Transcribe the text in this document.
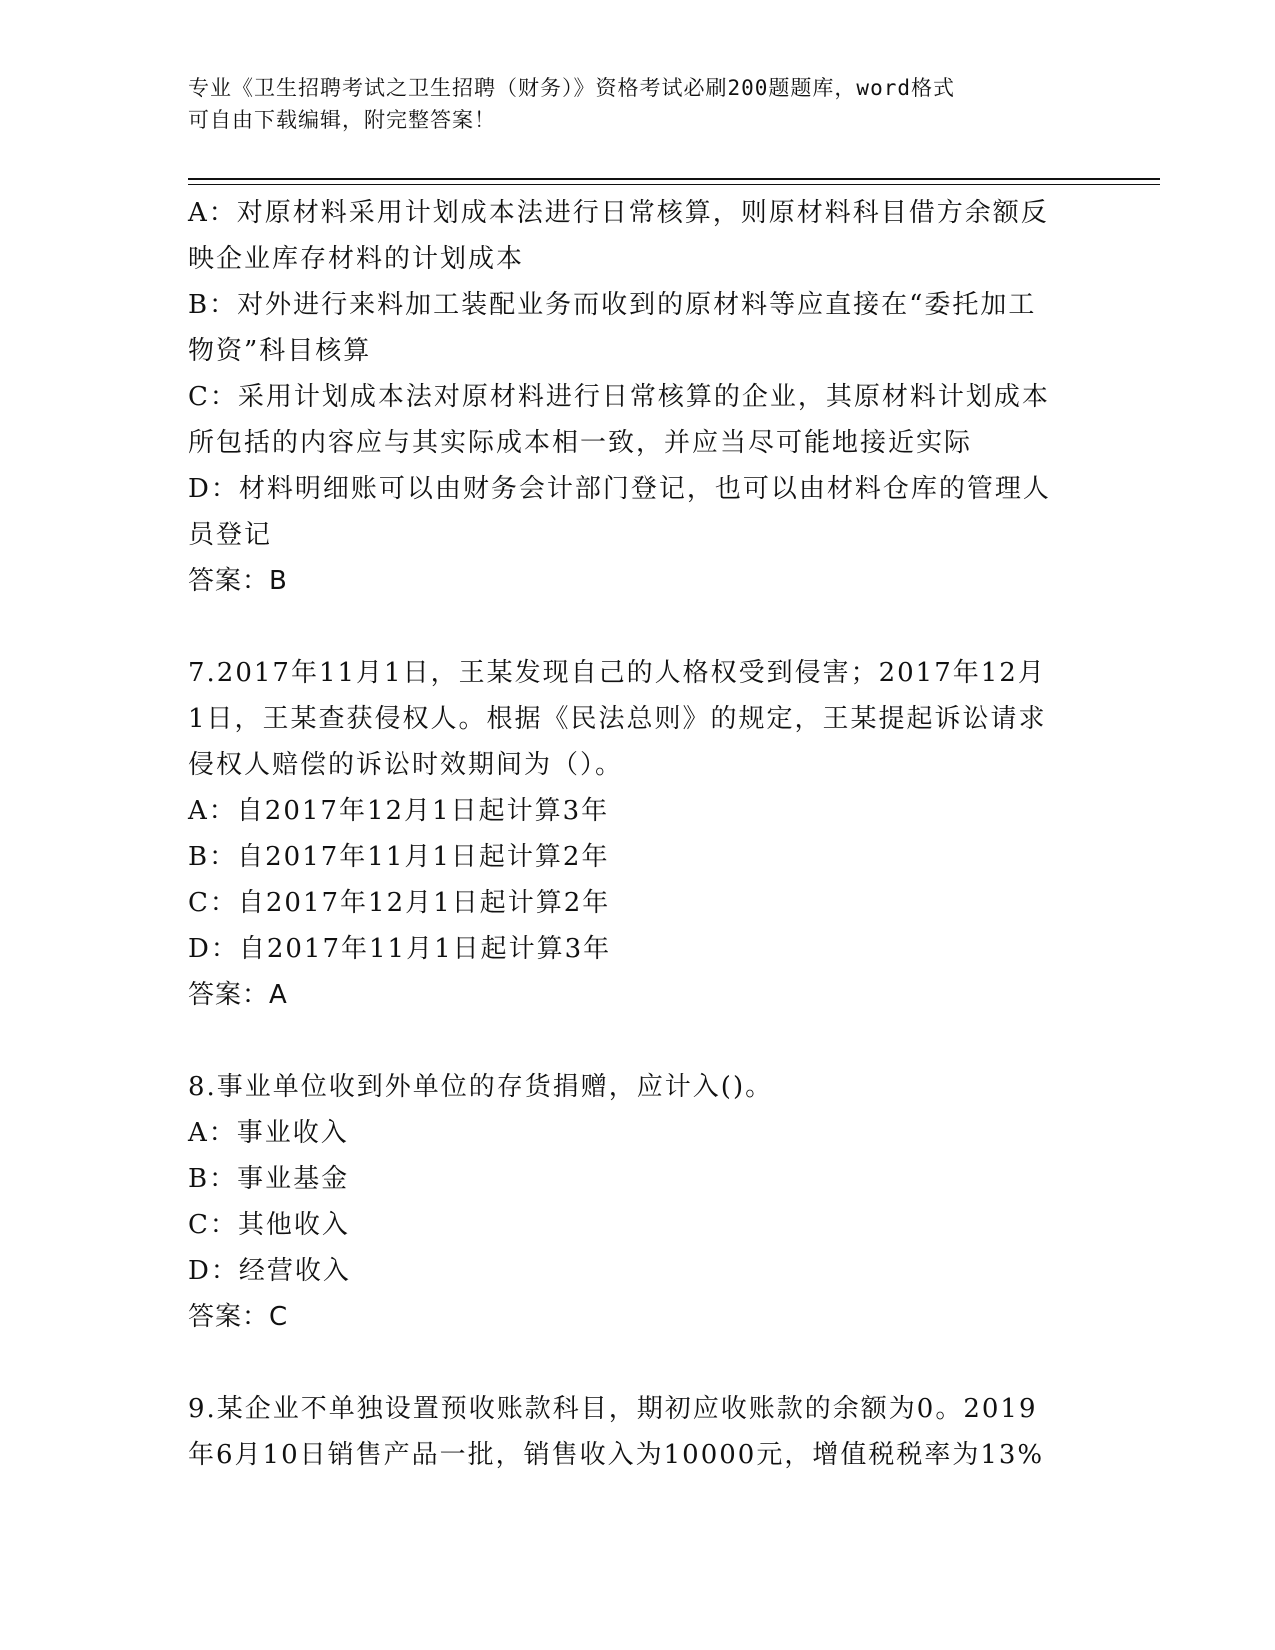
专业《卫生招聘考试之卫生招聘（财务）》资格考试必刷200题题库，word格式
可自由下载编辑，附完整答案！

A：对原材料采用计划成本法进行日常核算，则原材料科目借方余额反

映企业库存材料的计划成本

B：对外进行来料加工装配业务而收到的原材料等应直接在“委托加工

物资”科目核算

C：采用计划成本法对原材料进行日常核算的企业，其原材料计划成本

所包括的内容应与其实际成本相一致，并应当尽可能地接近实际

D：材料明细账可以由财务会计部门登记，也可以由材料仓库的管理人

员登记

答案：B

7.2017年11月1日，王某发现自己的人格权受到侵害；2017年12月

1日，王某查获侵权人。根据《民法总则》的规定，王某提起诉讼请求

侵权人赔偿的诉讼时效期间为（）。

A：自2017年12月1日起计算3年

B：自2017年11月1日起计算2年

C：自2017年12月1日起计算2年

D：自2017年11月1日起计算3年

答案：A

8.事业单位收到外单位的存货捐赠，应计入()。

A：事业收入

B：事业基金

C：其他收入

D：经营收入

答案：C

9.某企业不单独设置预收账款科目，期初应收账款的余额为0。2019

年6月10日销售产品一批，销售收入为10000元，增值税税率为13%
